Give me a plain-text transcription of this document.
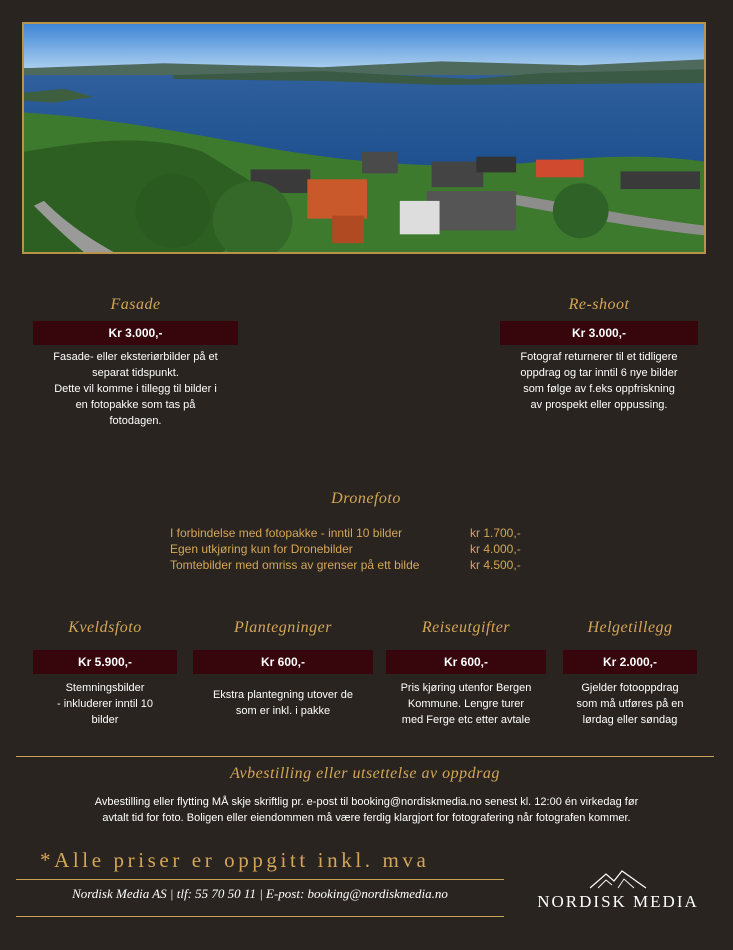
Fasade
Kr 3.000,-
Fasade- eller eksteriørbilder på et
separat tidspunkt.
Dette vil komme i tillegg til bilder i
en fotopakke som tas på
fotodagen.
Re-shoot
Kr 3.000,-
Fotograf returnerer til et tidligere
oppdrag og tar inntil 6 nye bilder
som følge av f.eks oppfriskning
av prospekt eller oppussing.
Dronefoto
I forbindelse med fotopakke - inntil 10 bilder	kr 1.700,-
Egen utkjøring kun for Dronebilder	kr 4.000,-
Tomtebilder med omriss av grenser på ett bilde	kr 4.500,-
Kveldsfoto
Kr 5.900,-
Stemningsbilder
- inkluderer inntil 10
bilder
Plantegninger
Kr 600,-
Ekstra plantegning utover de
som er inkl. i pakke
Reiseutgifter
Kr 600,-
Pris kjøring utenfor Bergen
Kommune. Lengre turer
med Ferge etc etter avtale
Helgetillegg
Kr 2.000,-
Gjelder fotooppdrag
som må utføres på en
lørdag eller søndag
Avbestilling eller utsettelse av oppdrag
Avbestilling eller flytting MÅ skje skriftlig pr. e-post til booking@nordiskmedia.no senest kl. 12:00 én virkedag før
avtalt tid for foto. Boligen eller eiendommen må være ferdig klargjort for fotografering når fotografen kommer.
*Alle priser er oppgitt inkl. mva
Nordisk Media AS | tlf: 55 70 50 11 | E-post: booking@nordiskmedia.no	NORDISK MEDIA
